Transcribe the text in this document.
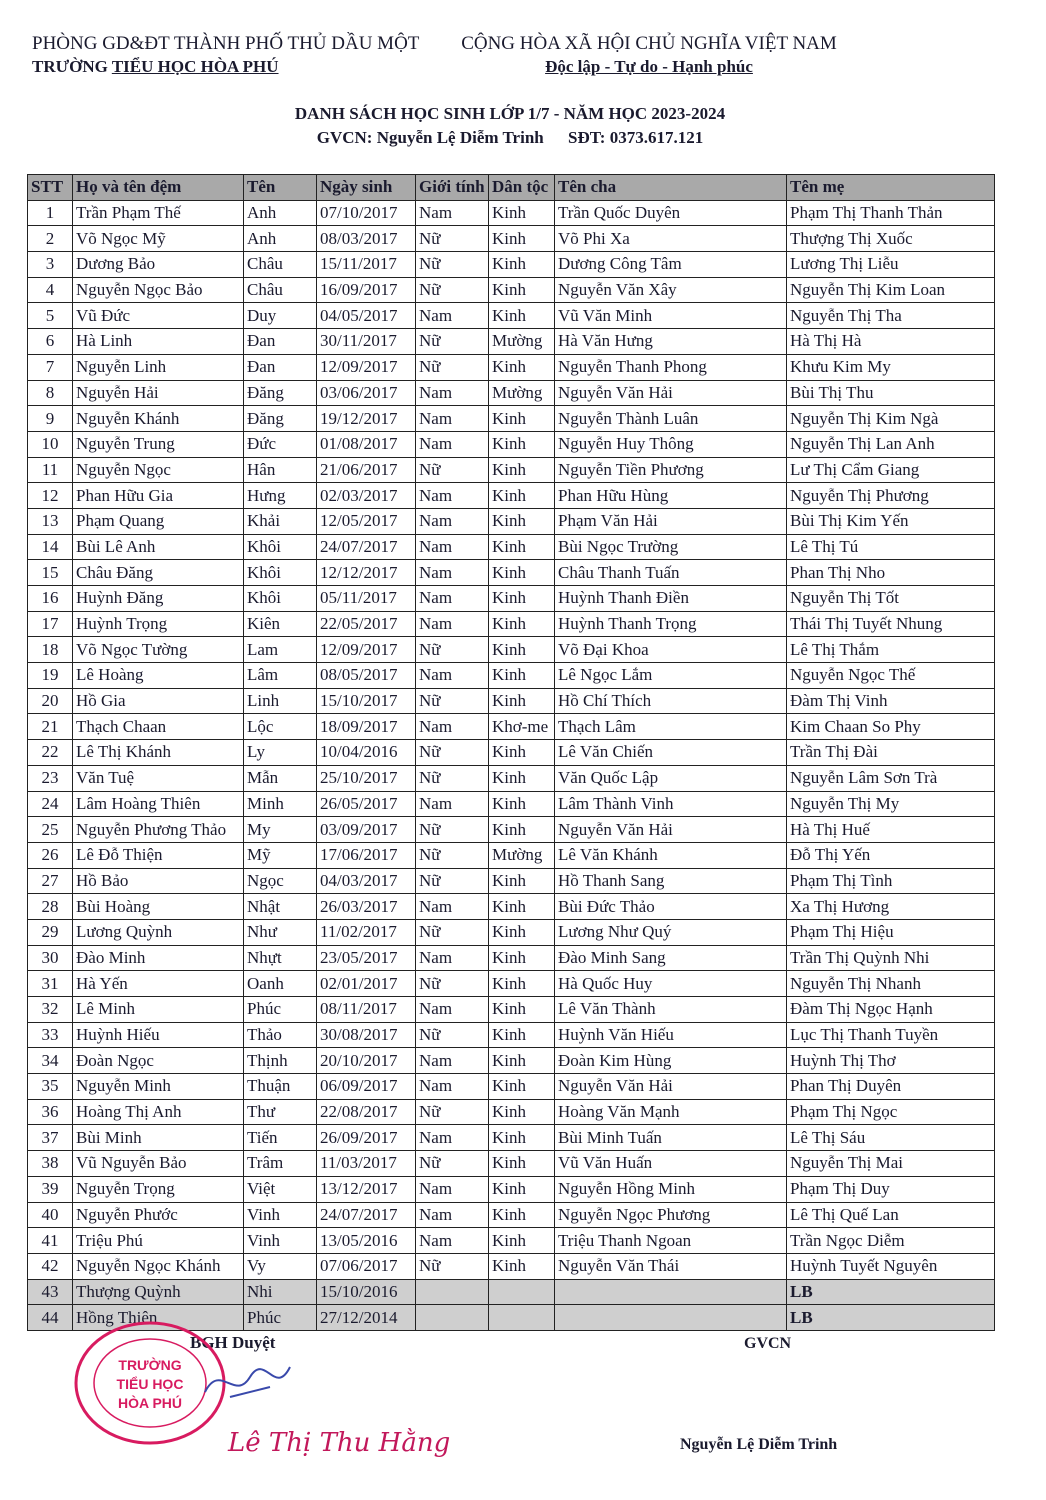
PHÒNG GD&ĐT THÀNH PHỐ THỦ DẦU MỘT
TRƯỜNG TIỂU HỌC HÒA PHÚ
CỘNG HÒA XÃ HỘI CHỦ NGHĨA VIỆT NAM
Độc lập - Tự do - Hạnh phúc
DANH SÁCH HỌC SINH LỚP 1/7 - NĂM HỌC 2023-2024
GVCN: Nguyễn Lệ Diễm Trinh SĐT: 0373.617.121
STT	Họ và tên đệm	Tên	Ngày sinh	Giới tính	Dân tộc	Tên cha	Tên mẹ
1	Trần Phạm Thế	Anh	07/10/2017	Nam	Kinh	Trần Quốc Duyên	Phạm Thị Thanh Thản
2	Võ Ngọc Mỹ	Anh	08/03/2017	Nữ	Kinh	Võ Phi Xa	Thượng Thị Xuốc
3	Dương Bảo	Châu	15/11/2017	Nữ	Kinh	Dương Công Tâm	Lương Thị Liễu
4	Nguyễn Ngọc Bảo	Châu	16/09/2017	Nữ	Kinh	Nguyễn Văn Xây	Nguyễn Thị Kim Loan
5	Vũ Đức	Duy	04/05/2017	Nam	Kinh	Vũ Văn Minh	Nguyễn Thị Tha
6	Hà Linh	Đan	30/11/2017	Nữ	Mường	Hà Văn Hưng	Hà Thị Hà
7	Nguyễn Linh	Đan	12/09/2017	Nữ	Kinh	Nguyễn Thanh Phong	Khưu Kim My
8	Nguyễn Hải	Đăng	03/06/2017	Nam	Mường	Nguyễn Văn Hải	Bùi Thị Thu
9	Nguyễn Khánh	Đăng	19/12/2017	Nam	Kinh	Nguyễn Thành Luân	Nguyễn Thị Kim Ngà
10	Nguyễn Trung	Đức	01/08/2017	Nam	Kinh	Nguyễn Huy Thông	Nguyễn Thị Lan Anh
11	Nguyễn Ngọc	Hân	21/06/2017	Nữ	Kinh	Nguyễn Tiền Phương	Lư Thị Cẩm Giang
12	Phan Hữu Gia	Hưng	02/03/2017	Nam	Kinh	Phan Hữu Hùng	Nguyễn Thị Phương
13	Phạm Quang	Khải	12/05/2017	Nam	Kinh	Phạm Văn Hải	Bùi Thị Kim Yến
14	Bùi Lê Anh	Khôi	24/07/2017	Nam	Kinh	Bùi Ngọc Trường	Lê Thị Tú
15	Châu Đăng	Khôi	12/12/2017	Nam	Kinh	Châu Thanh Tuấn	Phan Thị Nho
16	Huỳnh Đăng	Khôi	05/11/2017	Nam	Kinh	Huỳnh Thanh Điền	Nguyễn Thị Tốt
17	Huỳnh Trọng	Kiên	22/05/2017	Nam	Kinh	Huỳnh Thanh Trọng	Thái Thị Tuyết Nhung
18	Võ Ngọc Tường	Lam	12/09/2017	Nữ	Kinh	Võ Đại Khoa	Lê Thị Thắm
19	Lê Hoàng	Lâm	08/05/2017	Nam	Kinh	Lê Ngọc Lắm	Nguyễn Ngọc Thế
20	Hồ Gia	Linh	15/10/2017	Nữ	Kinh	Hồ Chí Thích	Đàm Thị Vinh
21	Thạch Chaan	Lộc	18/09/2017	Nam	Khơ-me	Thạch Lâm	Kim Chaan So Phy
22	Lê Thị Khánh	Ly	10/04/2016	Nữ	Kinh	Lê Văn Chiến	Trần Thị Đài
23	Văn Tuệ	Mẫn	25/10/2017	Nữ	Kinh	Văn Quốc Lập	Nguyễn Lâm Sơn Trà
24	Lâm Hoàng Thiên	Minh	26/05/2017	Nam	Kinh	Lâm Thành Vinh	Nguyễn Thị My
25	Nguyễn Phương Thảo	My	03/09/2017	Nữ	Kinh	Nguyễn Văn Hải	Hà Thị Huế
26	Lê Đỗ Thiện	Mỹ	17/06/2017	Nữ	Mường	Lê Văn Khánh	Đỗ Thị Yến
27	Hồ Bảo	Ngọc	04/03/2017	Nữ	Kinh	Hồ Thanh Sang	Phạm Thị Tình
28	Bùi Hoàng	Nhật	26/03/2017	Nam	Kinh	Bùi Đức Thảo	Xa Thị Hương
29	Lương Quỳnh	Như	11/02/2017	Nữ	Kinh	Lương Như Quý	Phạm Thị Hiệu
30	Đào Minh	Nhựt	23/05/2017	Nam	Kinh	Đào Minh Sang	Trần Thị Quỳnh Nhi
31	Hà Yến	Oanh	02/01/2017	Nữ	Kinh	Hà Quốc Huy	Nguyễn Thị Nhanh
32	Lê Minh	Phúc	08/11/2017	Nam	Kinh	Lê Văn Thành	Đàm Thị Ngọc Hạnh
33	Huỳnh Hiếu	Thảo	30/08/2017	Nữ	Kinh	Huỳnh Văn Hiếu	Lục Thị Thanh Tuyền
34	Đoàn Ngọc	Thịnh	20/10/2017	Nam	Kinh	Đoàn Kim Hùng	Huỳnh Thị Thơ
35	Nguyễn Minh	Thuận	06/09/2017	Nam	Kinh	Nguyễn Văn Hải	Phan Thị Duyên
36	Hoàng Thị Anh	Thư	22/08/2017	Nữ	Kinh	Hoàng Văn Mạnh	Phạm Thị Ngọc
37	Bùi Minh	Tiến	26/09/2017	Nam	Kinh	Bùi Minh Tuấn	Lê Thị Sáu
38	Vũ Nguyễn Bảo	Trâm	11/03/2017	Nữ	Kinh	Vũ Văn Huấn	Nguyễn Thị Mai
39	Nguyễn Trọng	Việt	13/12/2017	Nam	Kinh	Nguyễn Hồng Minh	Phạm Thị Duy
40	Nguyễn Phước	Vinh	24/07/2017	Nam	Kinh	Nguyễn Ngọc Phương	Lê Thị Quế Lan
41	Triệu Phú	Vinh	13/05/2016	Nam	Kinh	Triệu Thanh Ngoan	Trần Ngọc Diễm
42	Nguyễn Ngọc Khánh	Vy	07/06/2017	Nữ	Kinh	Nguyễn Văn Thái	Huỳnh Tuyết Nguyên
43	Thượng Quỳnh	Nhi	15/10/2016				LB
44	Hồng Thiên	Phúc	27/12/2014				LB
BGH Duyệt	GVCN
TRƯỜNG
TIỂU HỌC
HÒA PHÚ
Lê Thị Thu Hằng	Nguyễn Lệ Diễm Trinh
